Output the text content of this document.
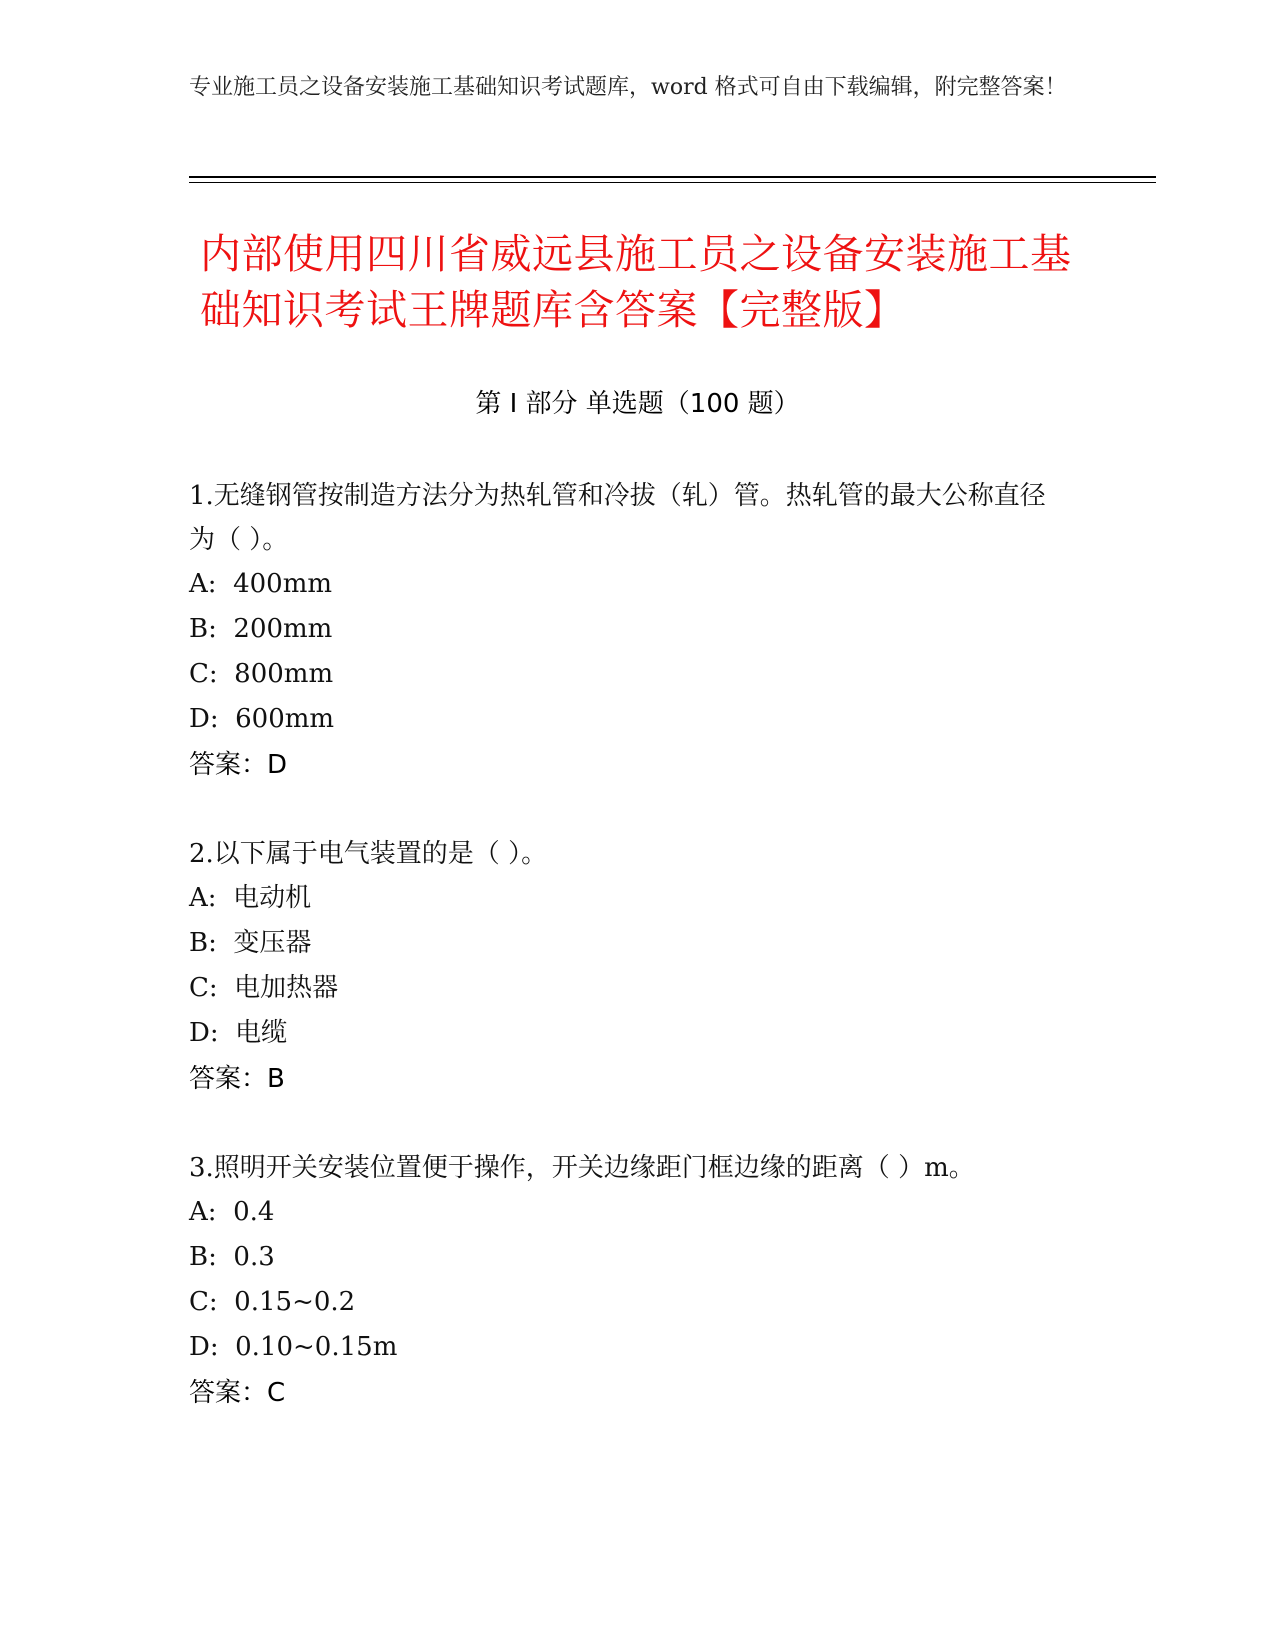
专业施工员之设备安装施工基础知识考试题库，word 格式可自由下载编辑，附完整答案！
内部使用四川省威远县施工员之设备安装施工基础知识考试王牌题库含答案【完整版】
第 I 部分 单选题（100 题）
1.无缝钢管按制造方法分为热轧管和冷拔（轧）管。热轧管的最大公称直径为（ ）。
A:  400mm
B:  200mm
C:  800mm
D:  600mm
答案：D
2.以下属于电气装置的是（ ）。
A:  电动机
B:  变压器
C:  电加热器
D:  电缆
答案：B
3.照明开关安装位置便于操作，开关边缘距门框边缘的距离（ ）m。
A:  0.4
B:  0.3
C:  0.15~0.2
D:  0.10~0.15m
答案：C
